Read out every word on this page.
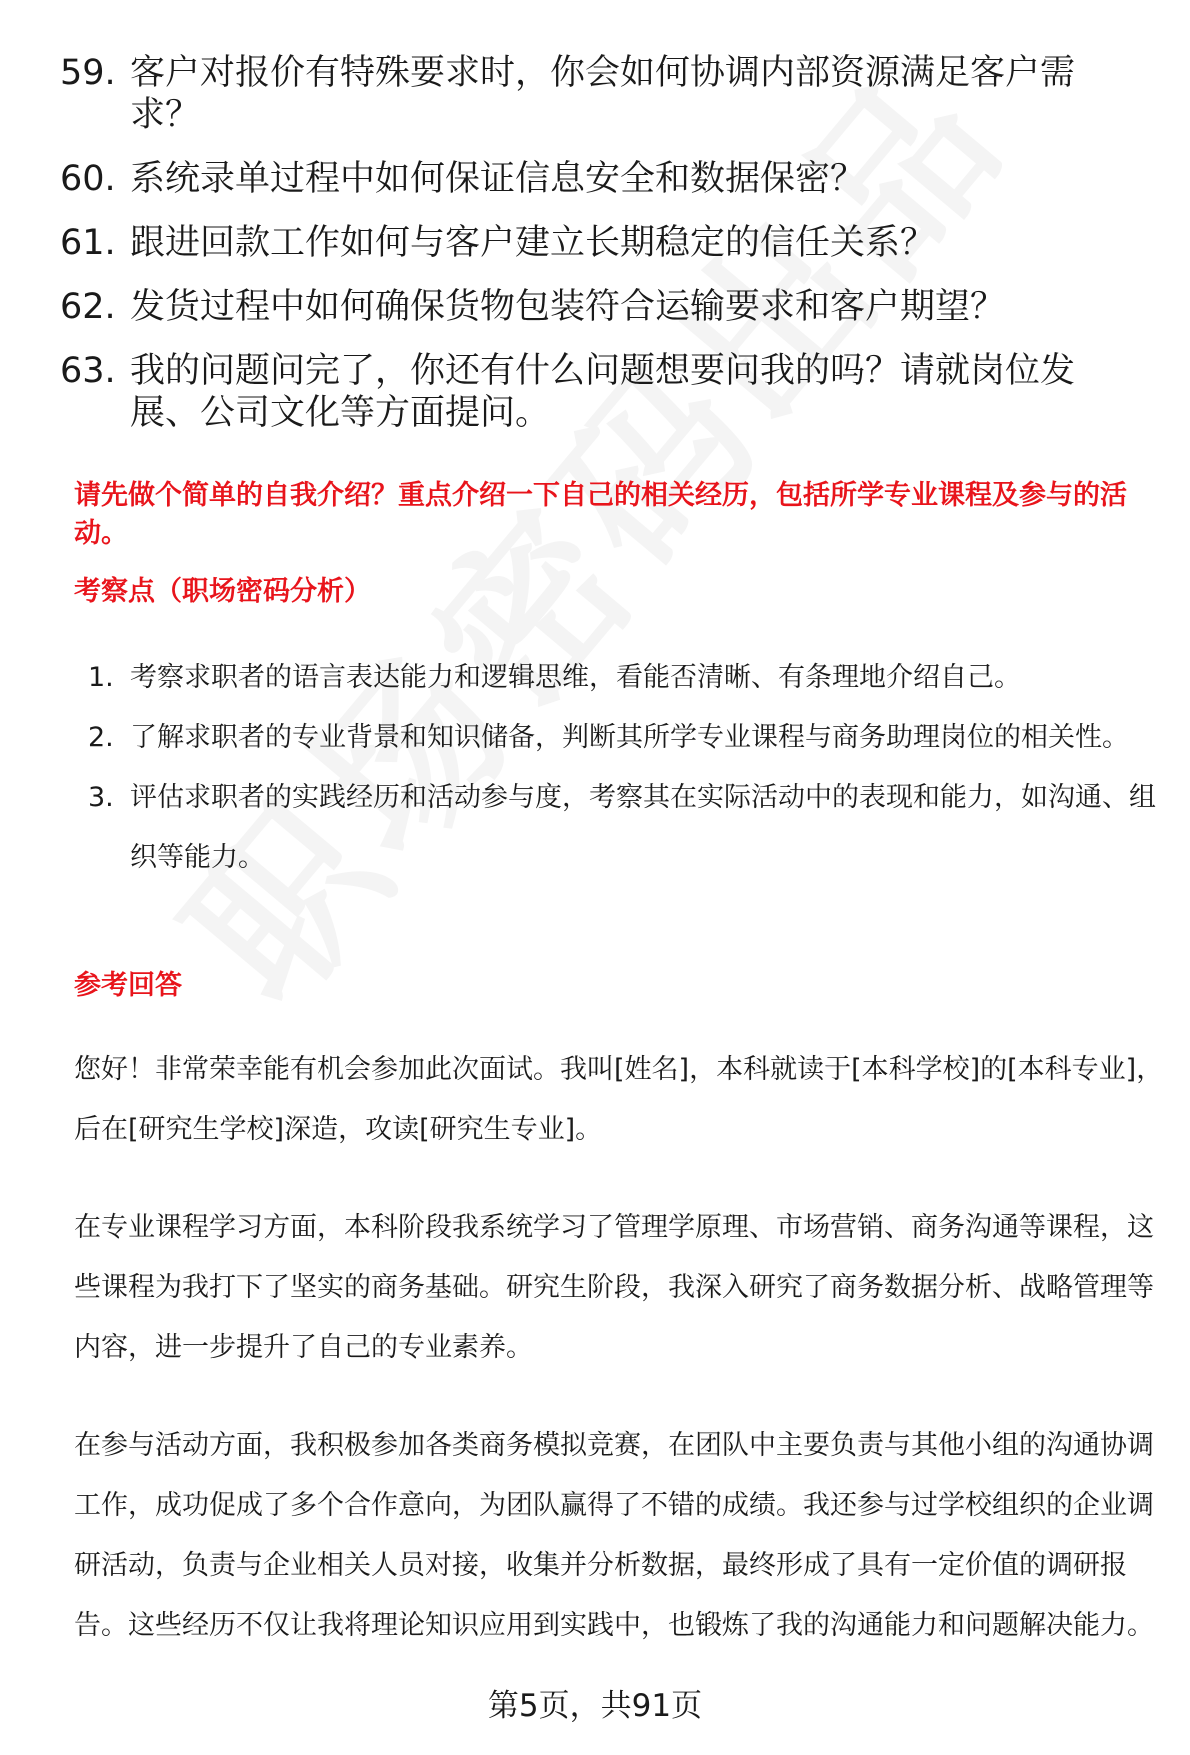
59. 客户对报价有特殊要求时，你会如何协调内部资源满足客户需求？
60. 系统录单过程中如何保证信息安全和数据保密？
61. 跟进回款工作如何与客户建立长期稳定的信任关系？
62. 发货过程中如何确保货物包装符合运输要求和客户期望？
63. 我的问题问完了，你还有什么问题想要问我的吗？请就岗位发展、公司文化等方面提问。

请先做个简单的自我介绍？重点介绍一下自己的相关经历，包括所学专业课程及参与的活动。

考察点（职场密码分析）
1. 考察求职者的语言表达能力和逻辑思维，看能否清晰、有条理地介绍自己。
2. 了解求职者的专业背景和知识储备，判断其所学专业课程与商务助理岗位的相关性。
3. 评估求职者的实践经历和活动参与度，考察其在实际活动中的表现和能力，如沟通、组织等能力。
参考回答

您好！非常荣幸能有机会参加此次面试。我叫[姓名]，本科就读于[本科学校]的[本科专业]，后在[研究生学校]深造，攻读[研究生专业]。

在专业课程学习方面，本科阶段我系统学习了管理学原理、市场营销、商务沟通等课程，这些课程为我打下了坚实的商务基础。研究生阶段，我深入研究了商务数据分析、战略管理等内容，进一步提升了自己的专业素养。

在参与活动方面，我积极参加各类商务模拟竞赛，在团队中主要负责与其他小组的沟通协调工作，成功促成了多个合作意向，为团队赢得了不错的成绩。我还参与过学校组织的企业调研活动，负责与企业相关人员对接，收集并分析数据，最终形成了具有一定价值的调研报告。这些经历不仅让我将理论知识应用到实践中，也锻炼了我的沟通能力和问题解决能力。

第5页，共91页
